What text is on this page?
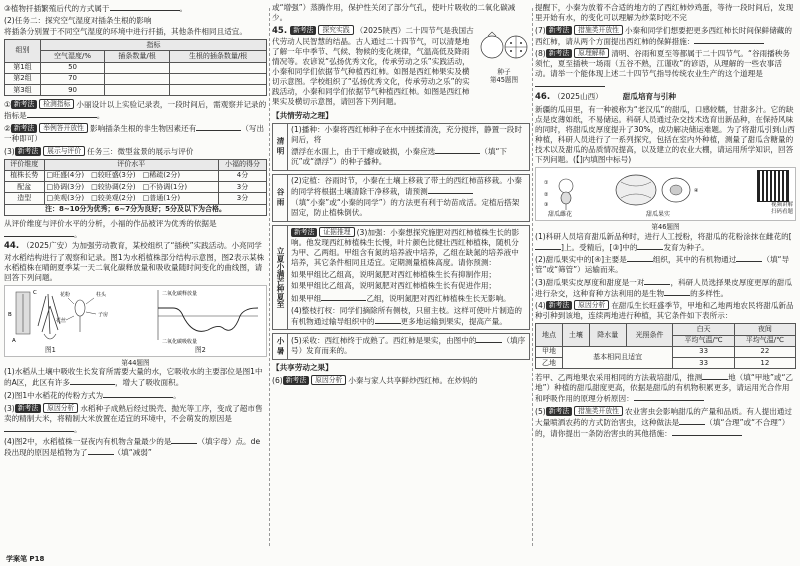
③植物扦插繁殖后代的方式属于	。

(2)任务二：探究空气湿度对插条生根的影响

将插条分别置于不同空气湿度的环境中进行扦插，其他条件相同且适宜。

组别	指标		
	空气湿度/%	插条数量/根	生根的插条数量/根
第1组	50		
第2组	70		
第3组	90		

① 新考法 检测指标 小丽设计以上实验记录表，一段时间后，需观察并记录的指标是	。

② 新考法 举例答开放性 影响插条生根的非生物因素还有	（写出一种即可）

(3) 新考法 展示与评价 任务三：微型盆景的展示与评价

评价维度	评价水平	小福的得分
植株长势	□旺盛(4分)　□较旺盛(3分)　□稀疏(2分)	4分
配盆	□协调(3分)　□较协调(2分)　□不协调(1分)	3分
造型	□美观(3分)　□较美观(2分)　□普通(1分)	3分
注：8~10分为优秀；6~7分为良好；5分及以下为合格。		

从评价维度与评价水平的分析，小福的作品被评为优秀的依据是。

44. （2025广安）为加强劳动教育，某校组织了“插秧”实践活动。小亮同学对水稻结构进行了观察和记录。图1为水稻植株部分结构示意图，图2表示某株水稻植株在晴朗夏季某一天二氧化碳释放量和吸收量随时间变化的曲线图，请回答下列问题。

A
B
C	花粉	柱头
子房
花丝
二氧化碳释放量
二氧化碳吸收量
图1	图2
第44题图

(1)水稻从土壤中吸收生长发育所需要大量的水，它吸收水的主要部位是图1中的A区，此区有许多	，增大了吸收面积。

(2)图1中水稻花的传粉方式为	。

(3) 新考法 原因分析 水稻种子成熟后经过脱壳、抛光等工序，变成了超市售卖的精制大米，将精制大米放置在适宜的环境中，不会萌发的原因是。

(4)图2中，水稻植株一昼夜内有机物含量最少的是	（填字母）点。de段出现的原因是植物为了	（填“减弱”

或“增强”）蒸腾作用，保护性关闭了部分气孔，使叶片吸收的二氧化碳减少。

45. 新考法 探究实践 （2025陕西）二十四节气是我国古代劳动人民智慧的结晶。古人通过二十四节气，可以清楚地了解一年中季节、气候、物候的变化规律，气温高低及降雨情况等。农谚说“弘扬优秀文化，传承劳动之乐”实践活动，小秦和同学们依据节气种植西红柿。如图是西红柿果实及横切示意图。学校组织了“弘扬优秀文化，传承劳动之乐”的实践活动，小秦和同学们依据节气种植西红柿。如图是西红柿果实及横切示意图，请回答下列问题。

种子
第45题图

【共情劳动之理】

清明

(1)播种：小秦将西红柿种子在水中搓揉清洗，充分搅拌，静置一段时间后，将

漂浮在水面上，由于干瘪或破损，小秦应选	（填“下沉”或“漂浮”）的种子播种。

谷雨

(2)定植：谷雨时节，小秦在土壤上移栽了带土的西红柿苗移栽。小秦的同学将根据土壤清除干净移栽，请预测

（填“小秦”或“小秦的同学”）的方法更有利于幼苗成活。定植后搭架固定，防止植株倒伏。

立夏小满芒种夏至

新考法 证据推理 (3)加强：小秦想探究施肥对西红柿植株生长的影响。他发现西红柿植株生长慢，叶片颜色比健壮西红柿植株，随机分为甲、乙两组。甲组含有氮的培养液中培养，乙组在缺氮的培养液中培养，其它条件相同且适宜。定期测量植株高度。请你预测：

如果甲组比乙组高，说明氮肥对西红柿植株生长有抑制作用；

如果甲组比乙组高，说明氮肥对西红柿植株生长有促进作用；

如果甲组	乙组，说明氮肥对西红柿植株生长无影响。

(4)整枝打杈：同学们摘除所有侧枝，只留主枝。这样可使叶片制造的有机物通过输导组织中的	更多地运输到果实，提高产量。

小暑 (5)采收：西红柿终于成熟了。西红柿是果实，由图中的	（填序号）发育而来的。

【共享劳动之果】

(6) 新考法 原因分析 小秦与家人共享鲜炒西红柿。在炒妈的

提醒下，小秦为放着不合适的地方的了西红柿炒鸡蛋，等待一段时间后，发现里开始有水，的变化可以理解为炒菜时吃不完

(7) 新考法 措施类开放性 小秦和同学们想要把更多西红柿长时间保鲜储藏的西红柿，请从两个方面提出西红柿的保鲜措施：

(8) 新考法 原理解释 清明、谷雨和夏至等都属于二十四节气。“谷雨播秧务须忙，夏至插秧一场雨（五谷不熟，江谨收”的谚语，从理解的一些农事活动。请举一个能体现上述二十四节气指导传统农业生产的这个道理是

46. （2025山西）	甜瓜培育与引种

新疆的瓜田里，有一种被称为“老汉瓜”的甜瓜，口感较糯，甘甜多汁。它的缺点是皮薄如纸，不易储运。科研人员通过杂交技术选育出新品种，在保持风味的同时，将甜瓜皮厚度提升了30%，成功解决储运难题。为了将甜瓜引到山西种植，科研人员进行了一系列探究，包括在室内外种植，测量了甜瓜含糖量的技术以及甜瓜的品质情况提高，以及建立的农业大棚，请运用所学知识，回答下列问题。(【]内填图中标号)

①
②
③
④
视频讲解
扫码看题
甜瓜雌花	甜瓜果实
第46题图

(1)科研人员培育甜瓜新品种时，进行人工授粉，将甜瓜的花粉涂抹在雌花的[]上。受精后，[③]中的	发育为种子。

(2)甜瓜果实中的[④]主要是	组织，其中的有机物通过	（填“导管”或“筛管”）运输而来。

(3)甜瓜果实皮厚度和甜度是一对	，科研人员选择果皮厚度更厚的甜瓜进行杂交，这种育种方法利用的是生物	的多样性。

(4) 新考法 原因分析 在甜瓜生长旺盛季节，甲地和乙地两地农民将甜瓜新品种引种到该地，连续两地进行种植，其它条件如下表所示：

地点	土壤	降水量	光照条件	白天	夜间
				平均气温/℃	平均气温/℃
甲地	基本相同且适宜			33	22
乙地				33	12

若甲、乙两地果农采用相同的方法栽培甜瓜，推测	地（填“甲地”或“乙地”）种植的甜瓜甜度更高，依据是甜瓜的有机物积累更多，请运用光合作用和呼吸作用的原理分析原因：

(5) 新考法 措施类开放性 农业害虫会影响甜瓜的产量和品质。有人提出通过大量喷洒农药的方式防治害虫，这种做法是	（填“合理”或“不合理”）的，请你提出一条防治害虫的其他措施：

学案笔 P18
